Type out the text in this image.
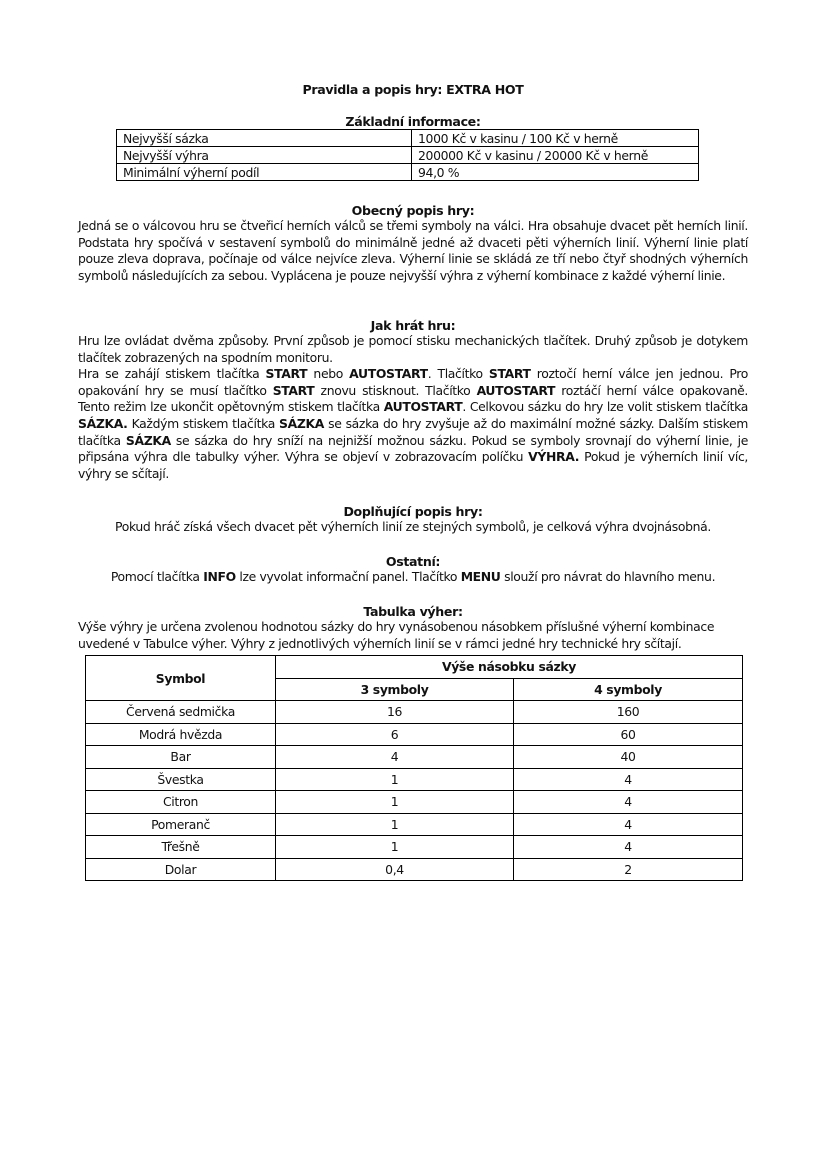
Pravidla a popis hry: EXTRA HOT
Základní informace:
Nejvyšší sázka	1000 Kč v kasinu / 100 Kč v herně
Nejvyšší výhra	200000 Kč v kasinu / 20000 Kč v herně
Minimální výherní podíl	94,0 %
Obecný popis hry:

Jedná se o válcovou hru se čtveřicí herních válců se třemi symboly na válci. Hra obsahuje dvacet pět herních linií. Podstata hry spočívá v sestavení symbolů do minimálně jedné až dvaceti pěti výherních linií. Výherní linie platí pouze zleva doprava, počínaje od válce nejvíce zleva. Výherní linie se skládá ze tří nebo čtyř shodných výherních symbolů následujících za sebou. Vyplácena je pouze nejvyšší výhra z výherní kombinace z každé výherní linie.

Jak hrát hru:

Hru lze ovládat dvěma způsoby. První způsob je pomocí stisku mechanických tlačítek. Druhý způsob je dotykem tlačítek zobrazených na spodním monitoru.

Hra se zahájí stiskem tlačítka START nebo AUTOSTART. Tlačítko START roztočí herní válce jen jednou. Pro opakování hry se musí tlačítko START znovu stisknout. Tlačítko AUTOSTART roztáčí herní válce opakovaně. Tento režim lze ukončit opětovným stiskem tlačítka AUTOSTART. Celkovou sázku do hry lze volit stiskem tlačítka SÁZKA. Každým stiskem tlačítka SÁZKA se sázka do hry zvyšuje až do maximální možné sázky. Dalším stiskem tlačítka SÁZKA se sázka do hry sníží na nejnižší možnou sázku. Pokud se symboly srovnají do výherní linie, je připsána výhra dle tabulky výher. Výhra se objeví v zobrazovacím políčku VÝHRA. Pokud je výherních linií víc, výhry se sčítají.

Doplňující popis hry:

Pokud hráč získá všech dvacet pět výherních linií ze stejných symbolů, je celková výhra dvojnásobná.

Ostatní:

Pomocí tlačítka INFO lze vyvolat informační panel. Tlačítko MENU slouží pro návrat do hlavního menu.

Tabulka výher:

Výše výhry je určena zvolenou hodnotou sázky do hry vynásobenou násobkem příslušné výherní kombinace uvedené v Tabulce výher. Výhry z jednotlivých výherních linií se v rámci jedné hry technické hry sčítají.

Symbol	Výše násobku sázky	
	3 symboly	4 symboly
Červená sedmička	16	160
Modrá hvězda	6	60
Bar	4	40
Švestka	1	4
Citron	1	4
Pomeranč	1	4
Třešně	1	4
Dolar	0,4	2
